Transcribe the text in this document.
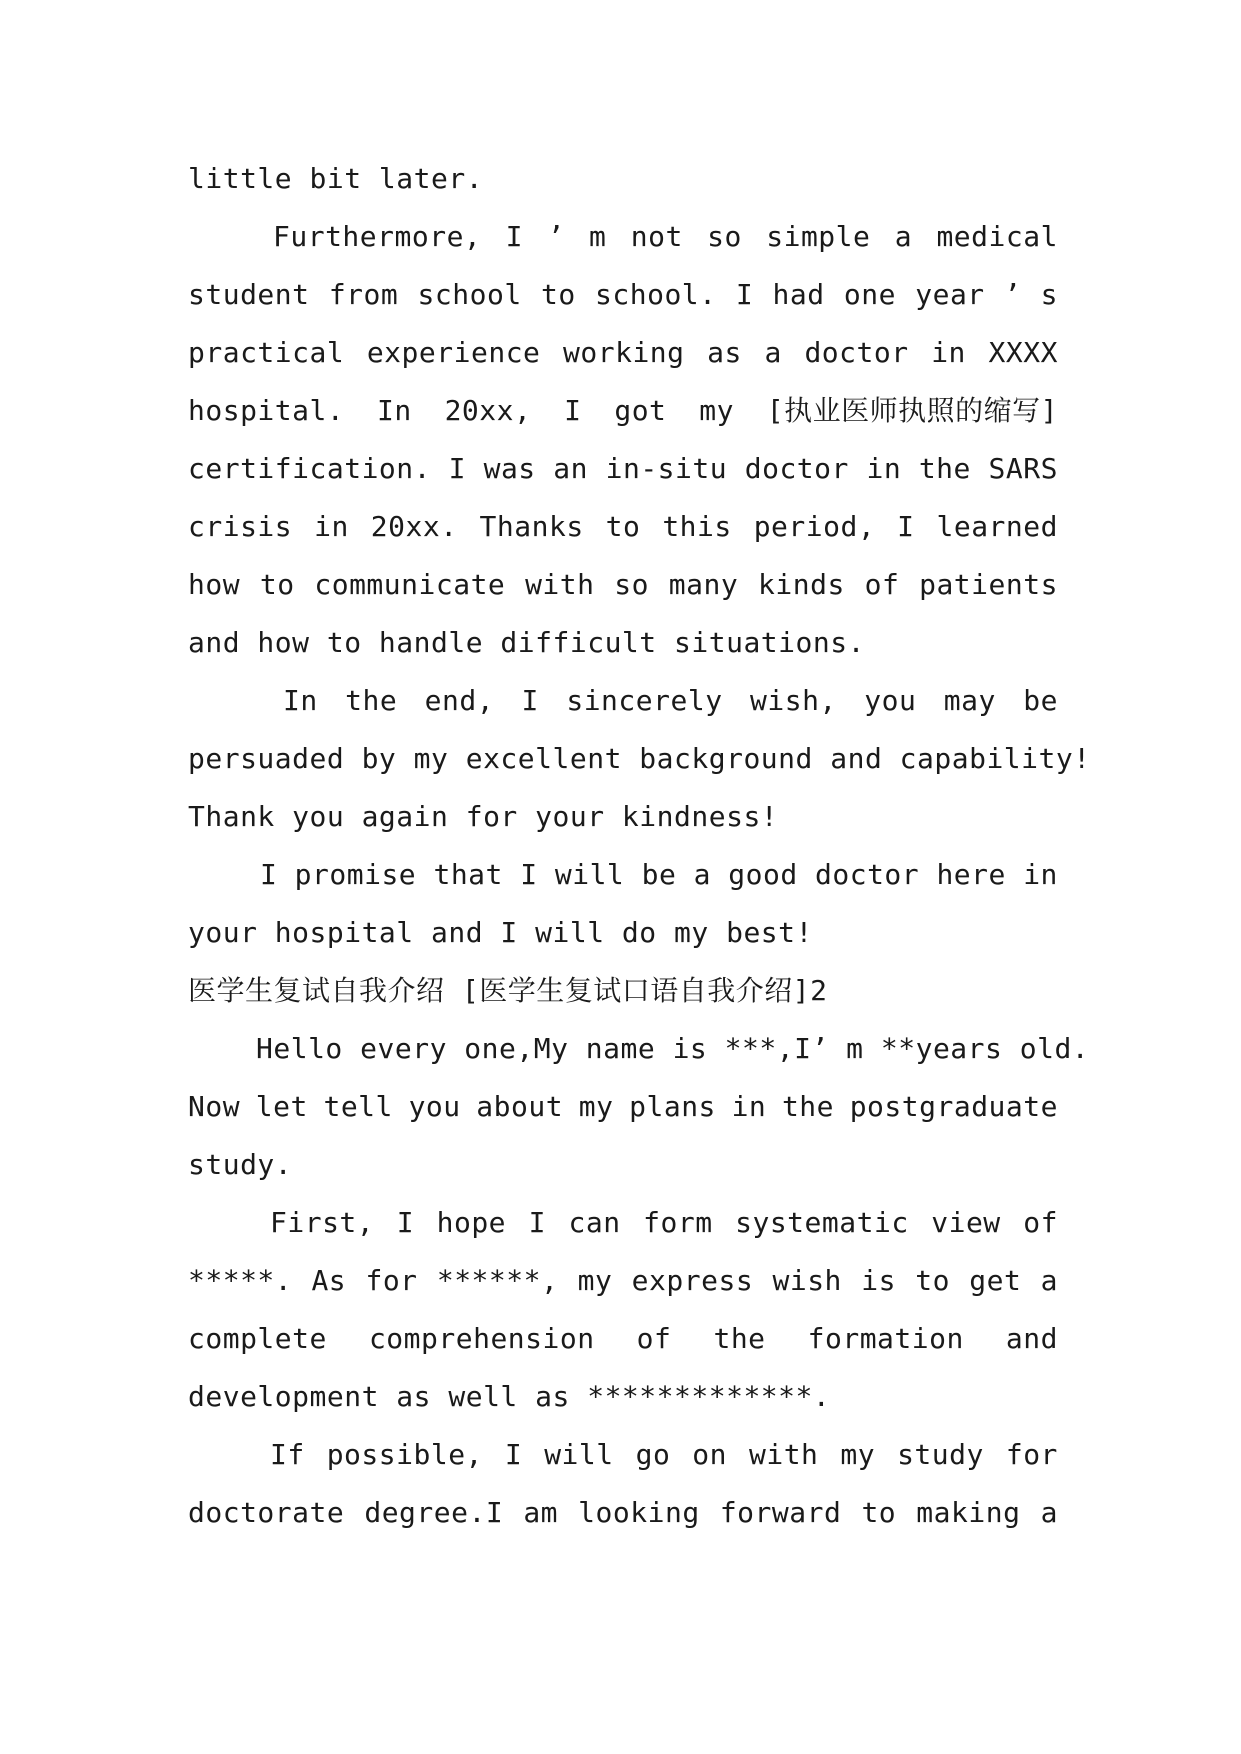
little bit later.
Furthermore, I ’ m not so simple a medical
student from school to school. I had one year ’ s
practical experience working as a doctor in XXXX
hospital. In 20xx, I got my [执业医师执照的缩写]
certification. I was an in-situ doctor in the SARS
crisis in 20xx. Thanks to this period, I learned
how to communicate with so many kinds of patients
and how to handle difficult situations.
In the end, I sincerely wish, you may be
persuaded by my excellent background and capability!
Thank you again for your kindness!
I promise that I will be a good doctor here in
your hospital and I will do my best!
医学生复试自我介绍 [医学生复试口语自我介绍]2
Hello every one,My name is ***,I’ m **years old.
Now let tell you about my plans in the postgraduate
study.
First, I hope I can form systematic view of
*****. As for ******, my express wish is to get a
complete comprehension of the formation and
development as well as *************.
If possible, I will go on with my study for
doctorate degree.I am looking forward to making a
